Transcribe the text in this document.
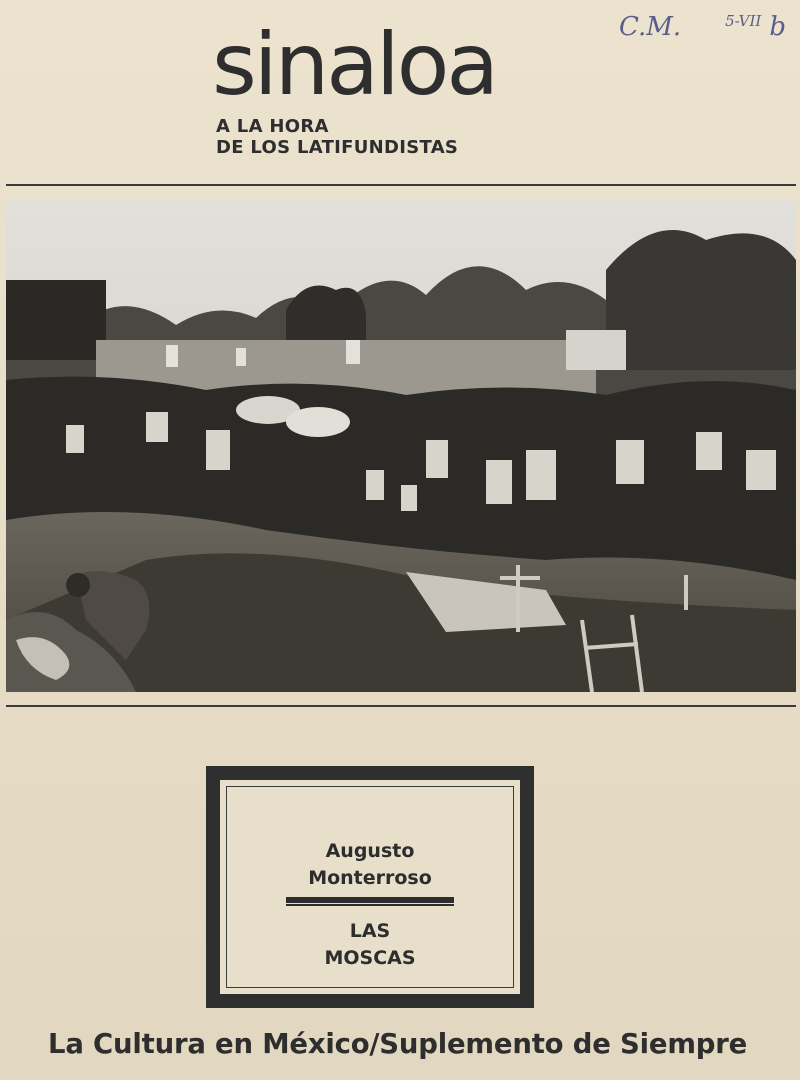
sinaloa
A LA HORA
DE LOS LATIFUNDISTAS
C.M.	$^{5-VII}$ b
Augusto
Monterroso
LAS
MOSCAS
La Cultura en México/Suplemento de Siempre
